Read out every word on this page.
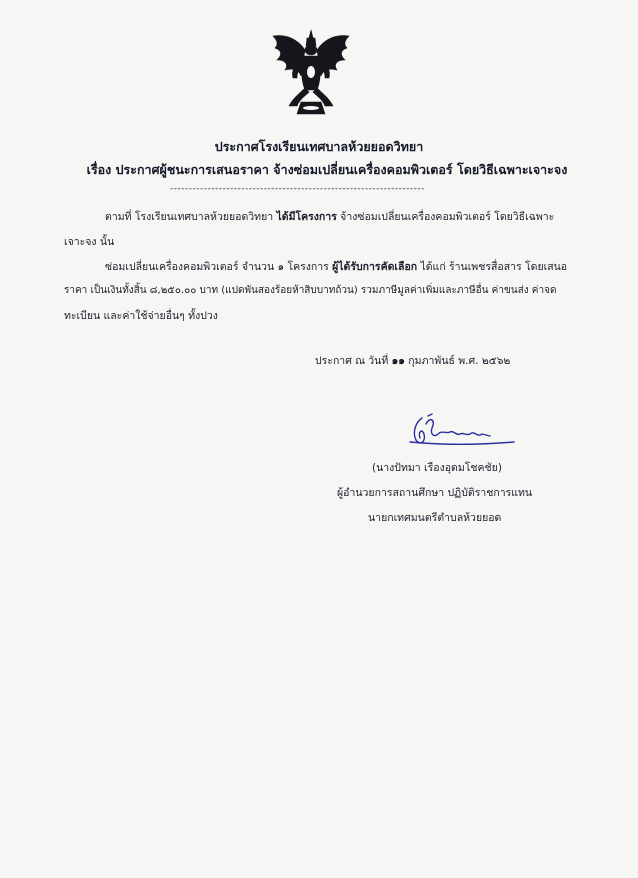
ประกาศโรงเรียนเทศบาลห้วยยอดวิทยา
เรื่อง ประกาศผู้ชนะการเสนอราคา จ้างซ่อมเปลี่ยนเครื่องคอมพิวเตอร์ โดยวิธีเฉพาะเจาะจง
--------------------------------------------------------------------
ตามที่ โรงเรียนเทศบาลห้วยยอดวิทยา ได้มีโครงการ จ้างซ่อมเปลี่ยนเครื่องคอมพิวเตอร์ โดยวิธีเฉพาะ
เจาะจง นั้น
ซ่อมเปลี่ยนเครื่องคอมพิวเตอร์ จำนวน ๑ โครงการ ผู้ได้รับการคัดเลือก ได้แก่ ร้านเพชรสื่อสาร โดยเสนอ
ราคา เป็นเงินทั้งสิ้น ๘,๒๕๐.๐๐ บาท (แปดพันสองร้อยห้าสิบบาทถ้วน) รวมภาษีมูลค่าเพิ่มและภาษีอื่น ค่าขนส่ง ค่าจด
ทะเบียน และค่าใช้จ่ายอื่นๆ ทั้งปวง
ประกาศ ณ วันที่ ๑๑ กุมภาพันธ์ พ.ศ. ๒๕๖๒
(นางปัทมา เรืองอุดมโชคชัย)
ผู้อำนวยการสถานศึกษา ปฏิบัติราชการแทน
นายกเทศมนตรีตำบลห้วยยอด
